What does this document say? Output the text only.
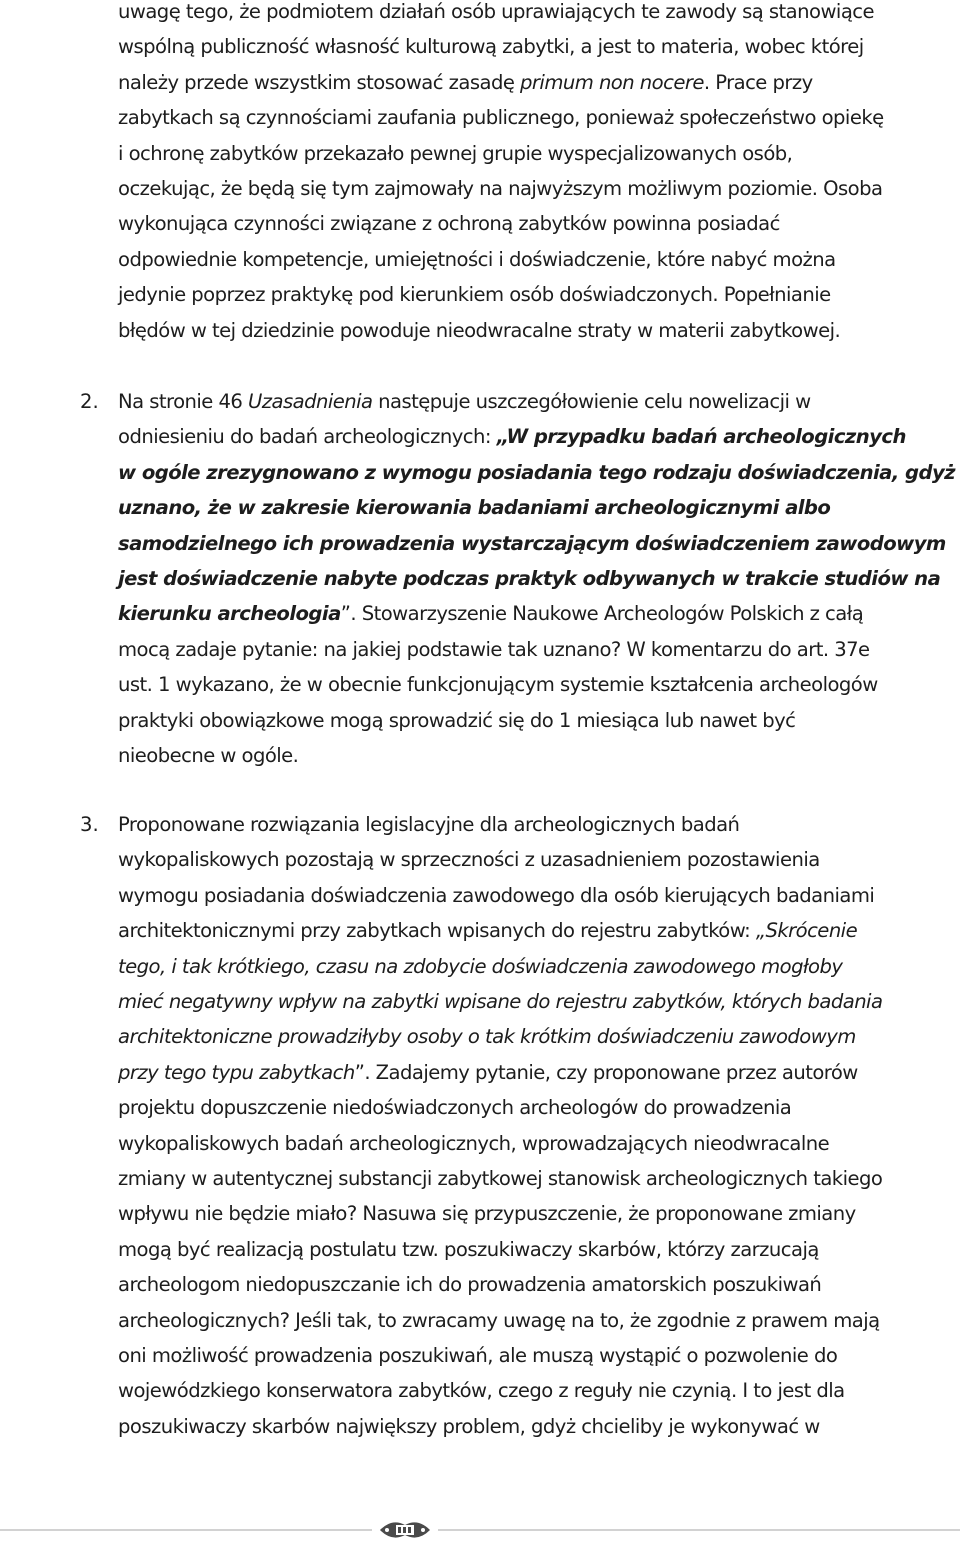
uwagę tego, że podmiotem działań osób uprawiających te zawody są stanowiące
wspólną publiczność własność kulturową zabytki, a jest to materia, wobec której
należy przede wszystkim stosować zasadę primum non nocere. Prace przy
zabytkach są czynnościami zaufania publicznego, ponieważ społeczeństwo opiekę
i ochronę zabytków przekazało pewnej grupie wyspecjalizowanych osób,
oczekując, że będą się tym zajmowały na najwyższym możliwym poziomie. Osoba
wykonująca czynności związane z ochroną zabytków powinna posiadać
odpowiednie kompetencje, umiejętności i doświadczenie, które nabyć można
jedynie poprzez praktykę pod kierunkiem osób doświadczonych. Popełnianie
błędów w tej dziedzinie powoduje nieodwracalne straty w materii zabytkowej.
Na stronie 46 Uzasadnienia następuje uszczegółowienie celu nowelizacji w
odniesieniu do badań archeologicznych: „W przypadku badań archeologicznych
w ogóle zrezygnowano z wymogu posiadania tego rodzaju doświadczenia, gdyż
uznano, że w zakresie kierowania badaniami archeologicznymi albo
samodzielnego ich prowadzenia wystarczającym doświadczeniem zawodowym
jest doświadczenie nabyte podczas praktyk odbywanych w trakcie studiów na
kierunku archeologia”. Stowarzyszenie Naukowe Archeologów Polskich z całą
mocą zadaje pytanie: na jakiej podstawie tak uznano? W komentarzu do art. 37e
ust. 1 wykazano, że w obecnie funkcjonującym systemie kształcenia archeologów
praktyki obowiązkowe mogą sprowadzić się do 1 miesiąca lub nawet być
nieobecne w ogóle.
Proponowane rozwiązania legislacyjne dla archeologicznych badań
wykopaliskowych pozostają w sprzeczności z uzasadnieniem pozostawienia
wymogu posiadania doświadczenia zawodowego dla osób kierujących badaniami
architektonicznymi przy zabytkach wpisanych do rejestru zabytków: „Skrócenie
tego, i tak krótkiego, czasu na zdobycie doświadczenia zawodowego mogłoby
mieć negatywny wpływ na zabytki wpisane do rejestru zabytków, których badania
architektoniczne prowadziłyby osoby o tak krótkim doświadczeniu zawodowym
przy tego typu zabytkach”. Zadajemy pytanie, czy proponowane przez autorów
projektu dopuszczenie niedoświadczonych archeologów do prowadzenia
wykopaliskowych badań archeologicznych, wprowadzających nieodwracalne
zmiany w autentycznej substancji zabytkowej stanowisk archeologicznych takiego
wpływu nie będzie miało? Nasuwa się przypuszczenie, że proponowane zmiany
mogą być realizacją postulatu tzw. poszukiwaczy skarbów, którzy zarzucają
archeologom niedopuszczanie ich do prowadzenia amatorskich poszukiwań
archeologicznych? Jeśli tak, to zwracamy uwagę na to, że zgodnie z prawem mają
oni możliwość prowadzenia poszukiwań, ale muszą wystąpić o pozwolenie do
wojewódzkiego konserwatora zabytków, czego z reguły nie czynią. I to jest dla
poszukiwaczy skarbów największy problem, gdyż chcieliby je wykonywać w
2.
3.
